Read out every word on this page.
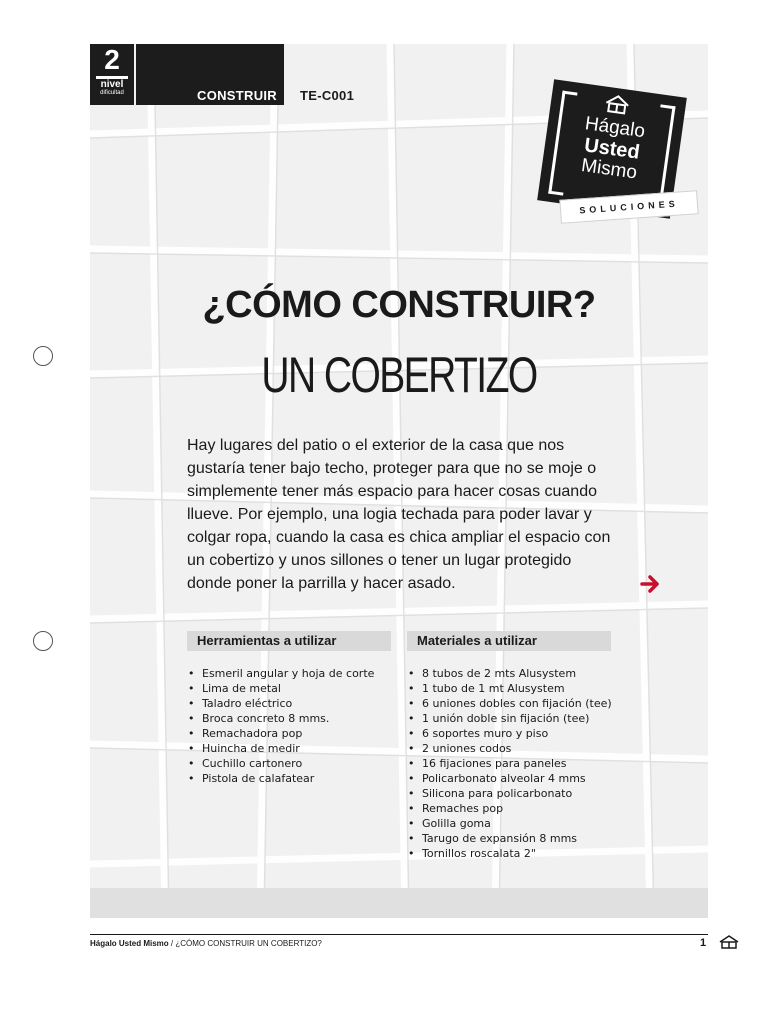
2
nivel
dificultad	CONSTRUIR TE-C001
Hágalo
Usted
Mismo
SOLUCIONES
¿CÓMO CONSTRUIR?
UN COBERTIZO
Hay lugares del patio o el exterior de la casa que nos gustaría tener bajo techo, proteger para que no se moje o simplemente tener más espacio para hacer cosas cuando llueve. Por ejemplo, una logia techada para poder lavar y colgar ropa, cuando la casa es chica ampliar el espacio con un cobertizo y unos sillones o tener un lugar protegido donde poner la parrilla y hacer asado.
Herramientas a utilizar	Materiales a utilizar
• Esmeril angular y hoja de corte
• Lima de metal
• Taladro eléctrico
• Broca concreto 8 mms.
• Remachadora pop
• Huincha de medir
• Cuchillo cartonero
• Pistola de calafatear
• 8 tubos de 2 mts Alusystem
• 1 tubo de 1 mt Alusystem
• 6 uniones dobles con fijación (tee)
• 1 unión doble sin fijación (tee)
• 6 soportes muro y piso
• 2 uniones codos
• 16 fijaciones para paneles
• Policarbonato alveolar 4 mms
• Silicona para policarbonato
• Remaches pop
• Golilla goma
• Tarugo de expansión 8 mms
• Tornillos roscalata 2"
Hágalo Usted Mismo / ¿CÓMO CONSTRUIR UN COBERTIZO?	1
